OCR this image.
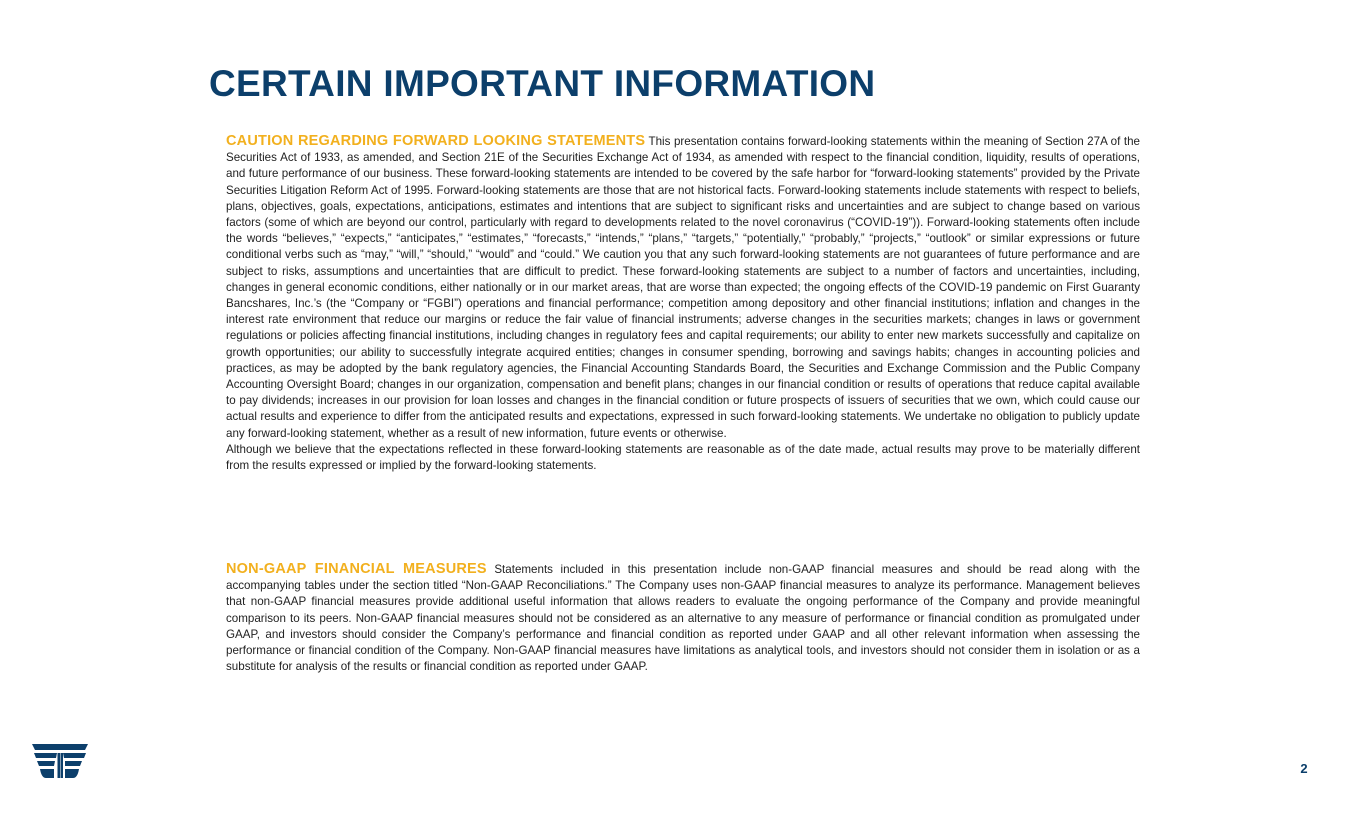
CERTAIN IMPORTANT INFORMATION

CAUTION REGARDING FORWARD LOOKING STATEMENTS This presentation contains forward-looking statements within the meaning of Section 27A of the Securities Act of 1933, as amended, and Section 21E of the Securities Exchange Act of 1934, as amended with respect to the financial condition, liquidity, results of operations, and future performance of our business. These forward-looking statements are intended to be covered by the safe harbor for “forward-looking statements” provided by the Private Securities Litigation Reform Act of 1995. Forward-looking statements are those that are not historical facts. Forward-looking statements include statements with respect to beliefs, plans, objectives, goals, expectations, anticipations, estimates and intentions that are subject to significant risks and uncertainties and are subject to change based on various factors (some of which are beyond our control, particularly with regard to developments related to the novel coronavirus (“COVID-19”)). Forward-looking statements often include the words “believes,” “expects,” “anticipates,” “estimates,” “forecasts,” “intends,” “plans,” “targets,” “potentially,” “probably,” “projects,” “outlook” or similar expressions or future conditional verbs such as “may,” “will,” “should,” “would” and “could.” We caution you that any such forward-looking statements are not guarantees of future performance and are subject to risks, assumptions and uncertainties that are difficult to predict. These forward-looking statements are subject to a number of factors and uncertainties, including, changes in general economic conditions, either nationally or in our market areas, that are worse than expected; the ongoing effects of the COVID-19 pandemic on First Guaranty Bancshares, Inc.’s (the “Company or “FGBI”) operations and financial performance; competition among depository and other financial institutions; inflation and changes in the interest rate environment that reduce our margins or reduce the fair value of financial instruments; adverse changes in the securities markets; changes in laws or government regulations or policies affecting financial institutions, including changes in regulatory fees and capital requirements; our ability to enter new markets successfully and capitalize on growth opportunities; our ability to successfully integrate acquired entities; changes in consumer spending, borrowing and savings habits; changes in accounting policies and practices, as may be adopted by the bank regulatory agencies, the Financial Accounting Standards Board, the Securities and Exchange Commission and the Public Company Accounting Oversight Board; changes in our organization, compensation and benefit plans; changes in our financial condition or results of operations that reduce capital available to pay dividends; increases in our provision for loan losses and changes in the financial condition or future prospects of issuers of securities that we own, which could cause our actual results and experience to differ from the anticipated results and expectations, expressed in such forward-looking statements. We undertake no obligation to publicly update any forward-looking statement, whether as a result of new information, future events or otherwise.

Although we believe that the expectations reflected in these forward-looking statements are reasonable as of the date made, actual results may prove to be materially different from the results expressed or implied by the forward-looking statements.

NON-GAAP FINANCIAL MEASURES Statements included in this presentation include non-GAAP financial measures and should be read along with the accompanying tables under the section titled “Non-GAAP Reconciliations.” The Company uses non-GAAP financial measures to analyze its performance. Management believes that non-GAAP financial measures provide additional useful information that allows readers to evaluate the ongoing performance of the Company and provide meaningful comparison to its peers. Non-GAAP financial measures should not be considered as an alternative to any measure of performance or financial condition as promulgated under GAAP, and investors should consider the Company’s performance and financial condition as reported under GAAP and all other relevant information when assessing the performance or financial condition of the Company. Non-GAAP financial measures have limitations as analytical tools, and investors should not consider them in isolation or as a substitute for analysis of the results or financial condition as reported under GAAP.

2
